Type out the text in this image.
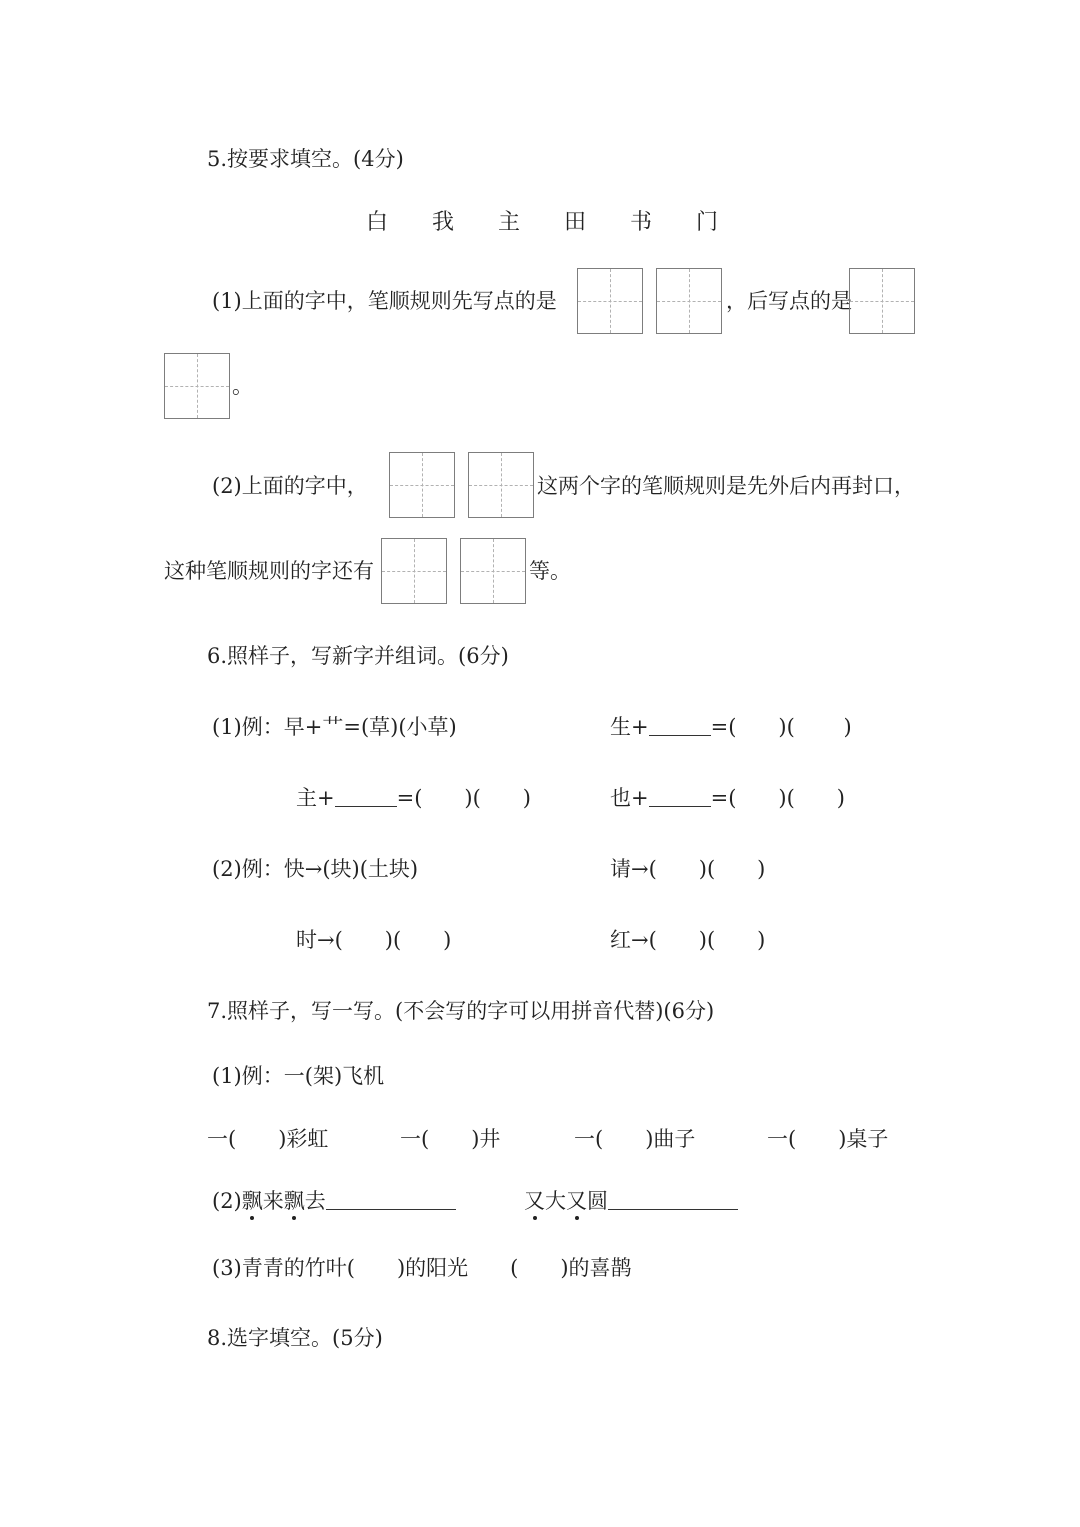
5.按要求填空。(4分)
白 我 主 田 书 门
(1)上面的字中，笔顺规则先写点的是	，后写点的是
。
(2)上面的字中，	这两个字的笔顺规则是先外后内再封口，
这种笔顺规则的字还有	等。
6.照样子，写新字并组词。(6分)
(1)例：早+艹=(草)(小草)	生+	=(　　)(　　 )
主+	=(　　)(　　)	也+	=(　　)(　　)
(2)例：快→(块)(土块)	请→(　　)(　　)
时→(　　)(　　)	红→(　　)(　　)
7.照样子，写一写。(不会写的字可以用拼音代替)(6分)
(1)例：一(架)飞机
一(　　)彩虹	一(　　)井	一(　　)曲子	一(　　)桌子
(2)飘来飘去	又大又圆
(3)青青的竹叶(　　)的阳光　　(　　)的喜鹊
8.选字填空。(5分)
